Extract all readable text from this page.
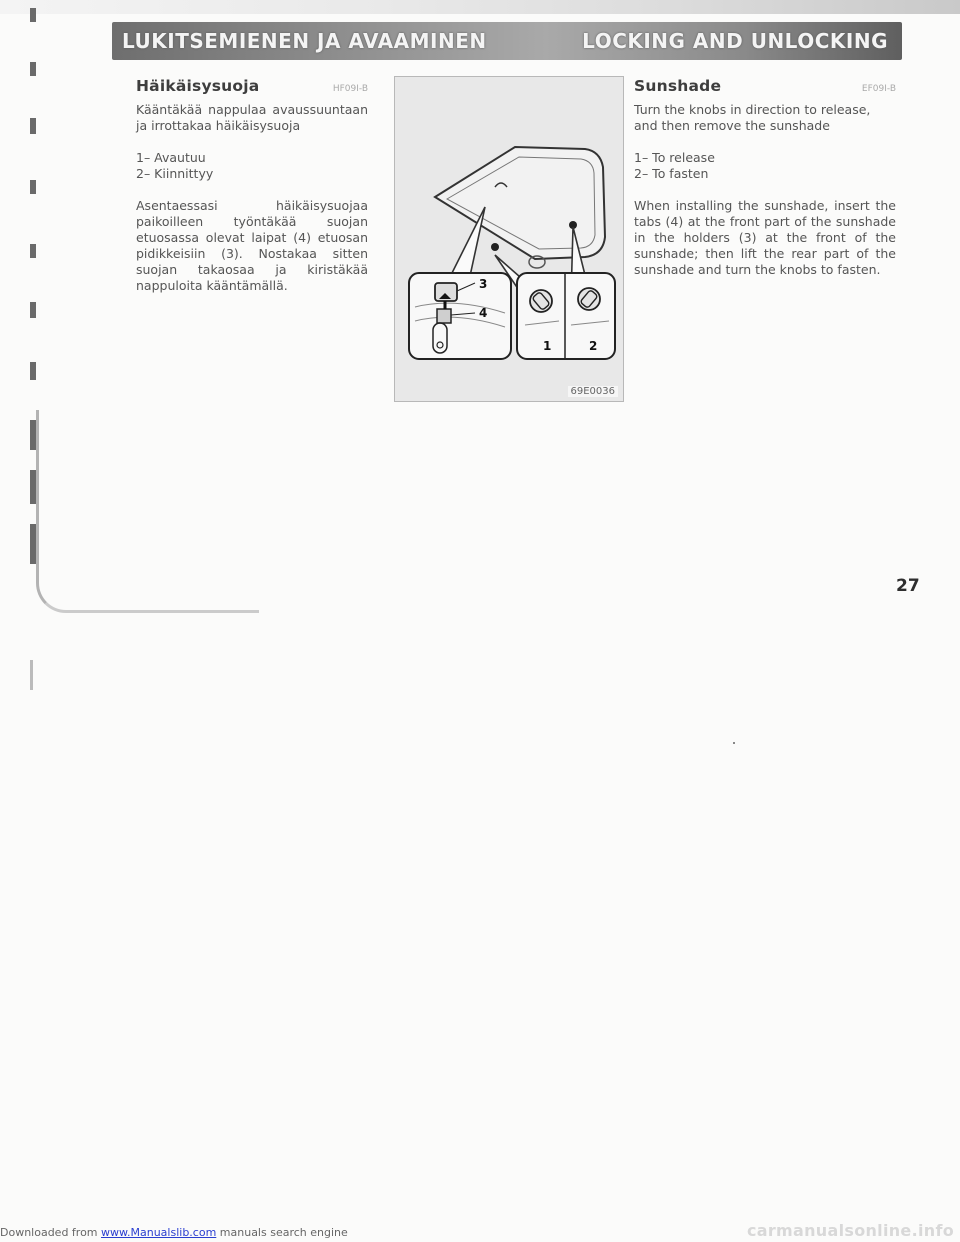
LUKITSEMIENEN JA AVAAMINEN	LOCKING AND UNLOCKING
Häikäisysuoja	HF09I-B

Kääntäkää nappulaa avaussuuntaan ja irrottakaa häikäisysuoja

1– Avautuu

2– Kiinnittyy

Asentaessasi häikäisysuojaa paikoilleen työntäkää suojan etuosassa olevat laipat (4) etuosan pidikkeisiin (3). Nostakaa sitten suojan takaosaa ja kiristäkää nappuloita kääntämällä.	3
4
1	2
69E0036
Sunshade	EF09I-B

Turn the knobs in direction to release, and then remove the sunshade

1– To release

2– To fasten

When installing the sunshade, insert the tabs (4) at the front part of the sunshade in the holders (3) at the front of the sunshade; then lift the rear part of the sunshade and turn the knobs to fasten.

27
Downloaded from www.Manualslib.com manuals search engine	carmanualsonline.info
